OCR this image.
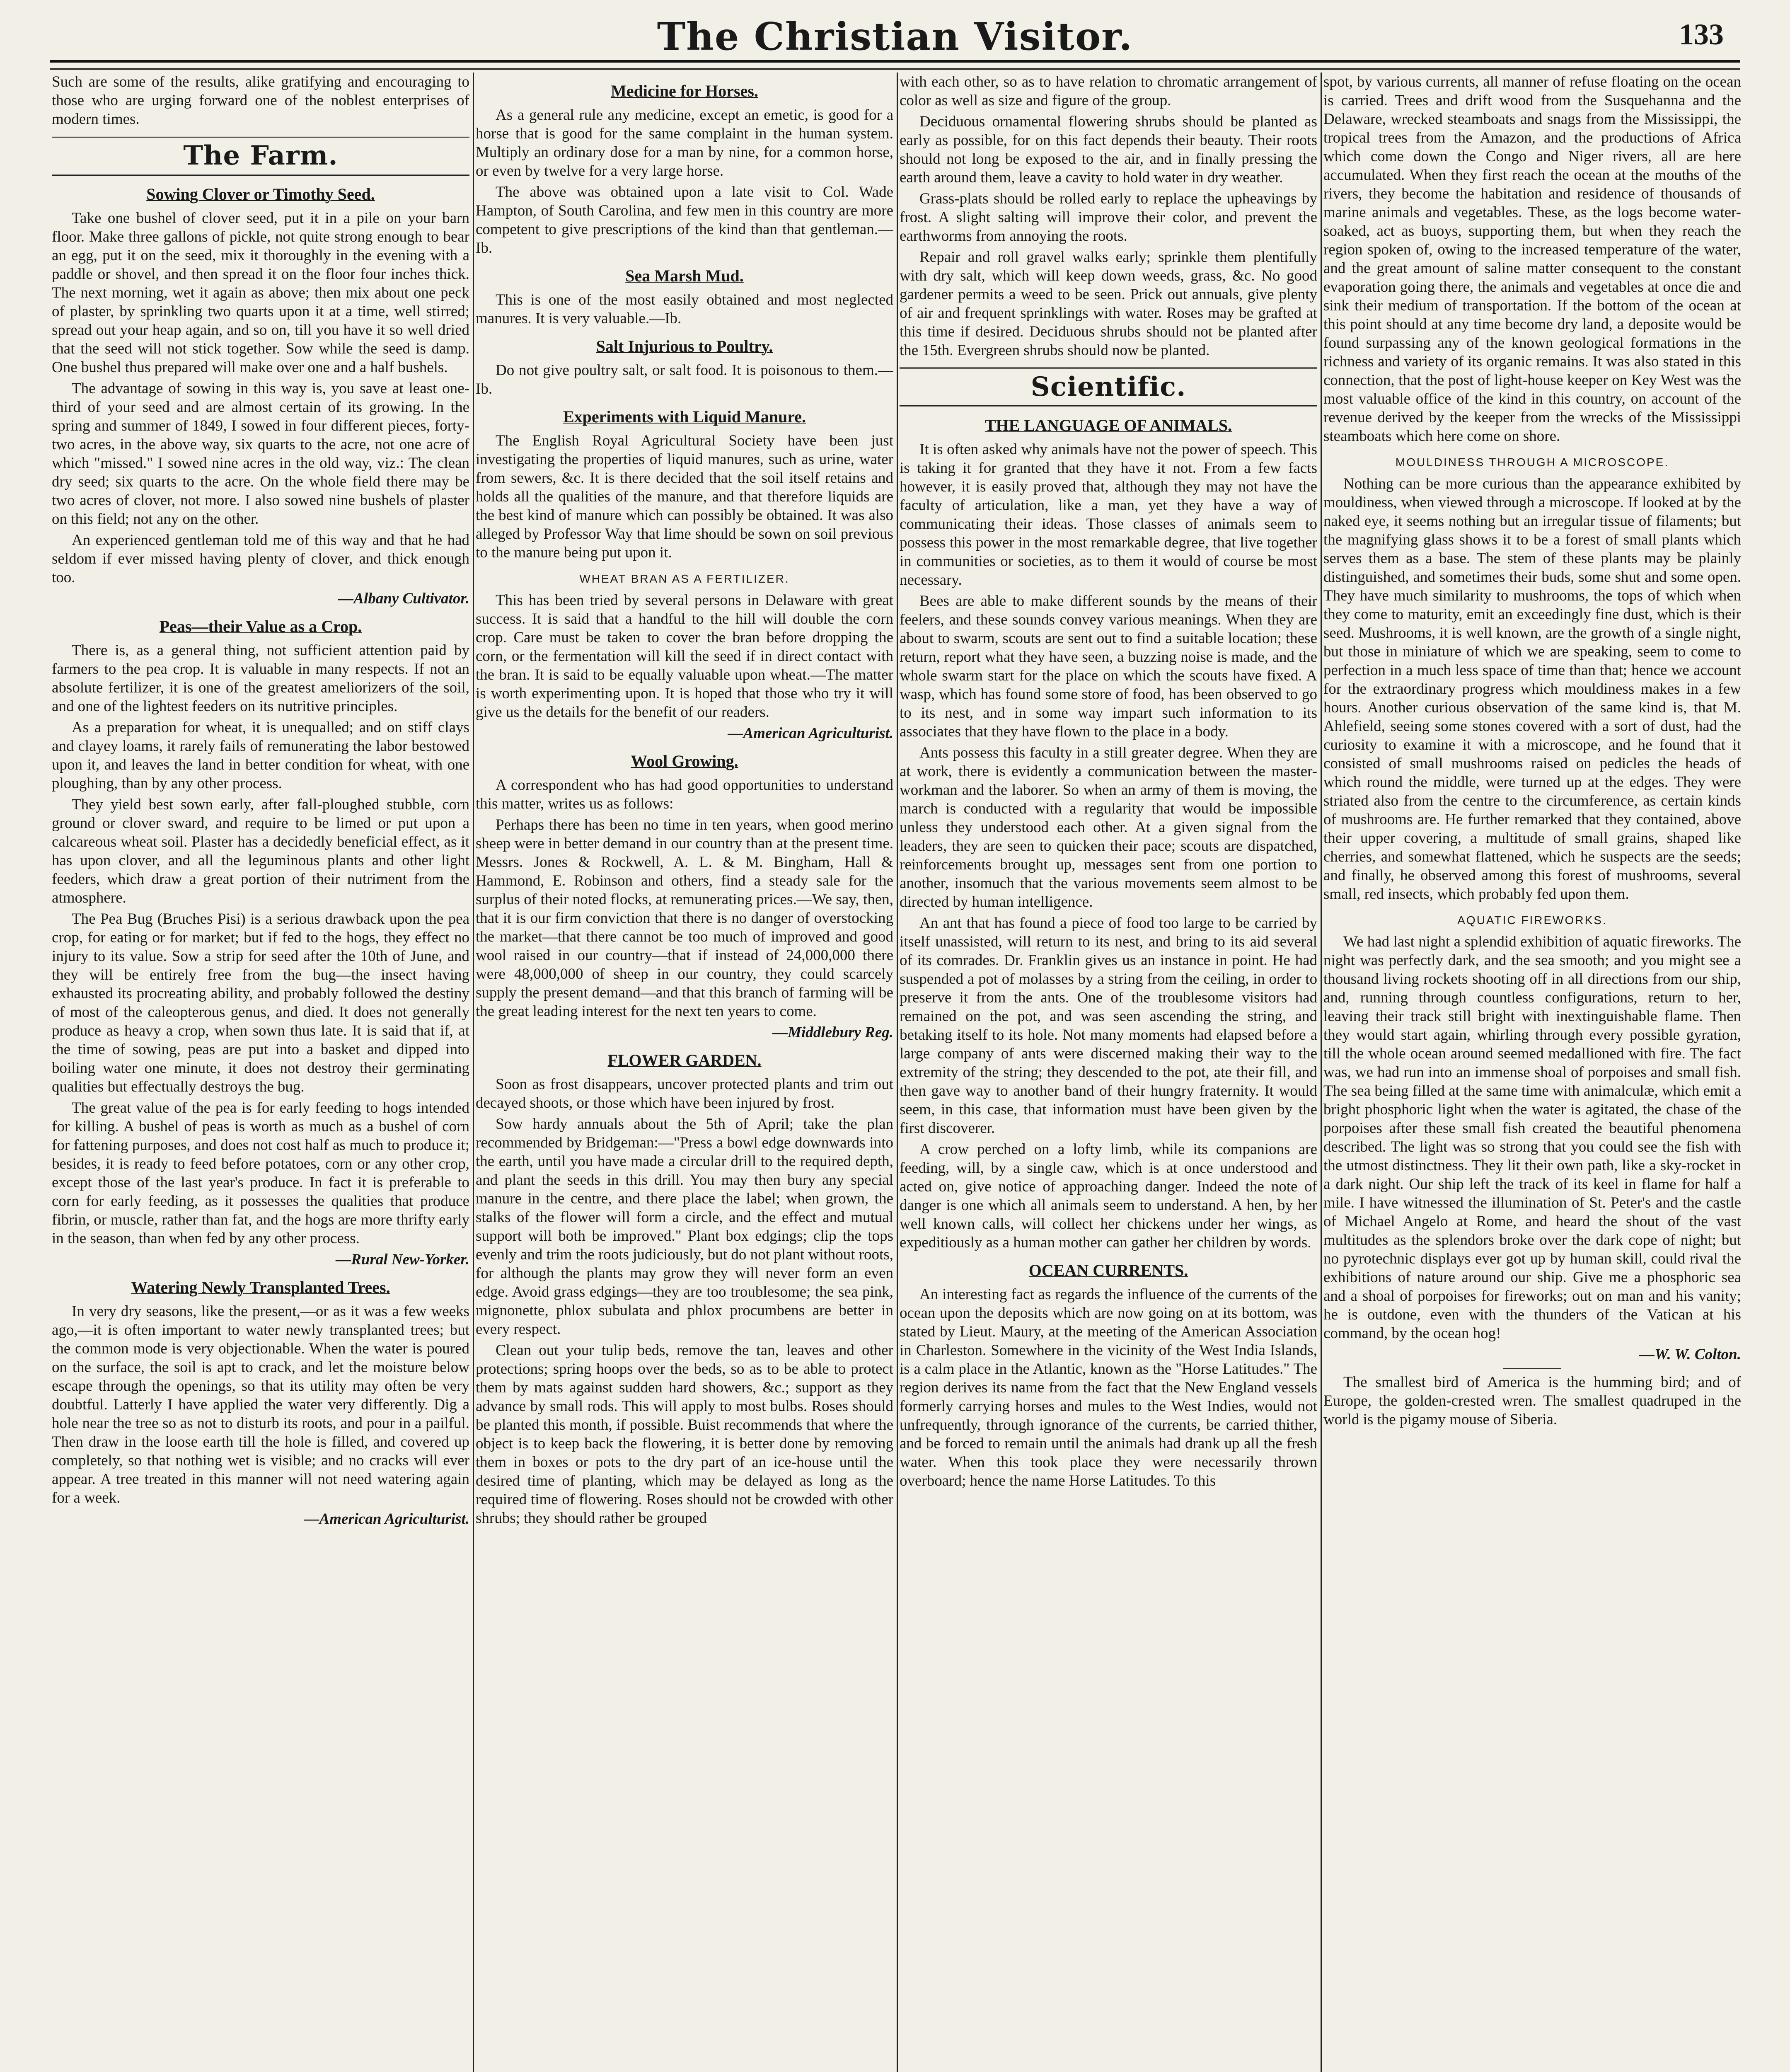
The Christian Visitor.	133

Such are some of the results, alike gratifying and encouraging to those who are urging forward one of the noblest enterprises of modern times.

The Farm.
Sowing Clover or Timothy Seed.

Take one bushel of clover seed, put it in a pile on your barn floor. Make three gallons of pickle, not quite strong enough to bear an egg, put it on the seed, mix it thoroughly in the evening with a paddle or shovel, and then spread it on the floor four inches thick. The next morning, wet it again as above; then mix about one peck of plaster, by sprinkling two quarts upon it at a time, well stirred; spread out your heap again, and so on, till you have it so well dried that the seed will not stick together. Sow while the seed is damp. One bushel thus prepared will make over one and a half bushels.

The advantage of sowing in this way is, you save at least one-third of your seed and are almost certain of its growing. In the spring and summer of 1849, I sowed in four different pieces, forty-two acres, in the above way, six quarts to the acre, not one acre of which "missed." I sowed nine acres in the old way, viz.: The clean dry seed; six quarts to the acre. On the whole field there may be two acres of clover, not more. I also sowed nine bushels of plaster on this field; not any on the other.

An experienced gentleman told me of this way and that he had seldom if ever missed having plenty of clover, and thick enough too.

—Albany Cultivator.

Peas—their Value as a Crop.

There is, as a general thing, not sufficient attention paid by farmers to the pea crop. It is valuable in many respects. If not an absolute fertilizer, it is one of the greatest ameliorizers of the soil, and one of the lightest feeders on its nutritive principles.

As a preparation for wheat, it is unequalled; and on stiff clays and clayey loams, it rarely fails of remunerating the labor bestowed upon it, and leaves the land in better condition for wheat, with one ploughing, than by any other process.

They yield best sown early, after fall-ploughed stubble, corn ground or clover sward, and require to be limed or put upon a calcareous wheat soil. Plaster has a decidedly beneficial effect, as it has upon clover, and all the leguminous plants and other light feeders, which draw a great portion of their nutriment from the atmosphere.

The Pea Bug (Bruches Pisi) is a serious drawback upon the pea crop, for eating or for market; but if fed to the hogs, they effect no injury to its value. Sow a strip for seed after the 10th of June, and they will be entirely free from the bug—the insect having exhausted its procreating ability, and probably followed the destiny of most of the caleopterous genus, and died. It does not generally produce as heavy a crop, when sown thus late. It is said that if, at the time of sowing, peas are put into a basket and dipped into boiling water one minute, it does not destroy their germinating qualities but effectually destroys the bug.

The great value of the pea is for early feeding to hogs intended for killing. A bushel of peas is worth as much as a bushel of corn for fattening purposes, and does not cost half as much to produce it; besides, it is ready to feed before potatoes, corn or any other crop, except those of the last year's produce. In fact it is preferable to corn for early feeding, as it possesses the qualities that produce fibrin, or muscle, rather than fat, and the hogs are more thrifty early in the season, than when fed by any other process.

—Rural New-Yorker.

Watering Newly Transplanted Trees.

In very dry seasons, like the present,—or as it was a few weeks ago,—it is often important to water newly transplanted trees; but the common mode is very objectionable. When the water is poured on the surface, the soil is apt to crack, and let the moisture below escape through the openings, so that its utility may often be very doubtful. Latterly I have applied the water very differently. Dig a hole near the tree so as not to disturb its roots, and pour in a pailful. Then draw in the loose earth till the hole is filled, and covered up completely, so that nothing wet is visible; and no cracks will ever appear. A tree treated in this manner will not need watering again for a week.

—American Agriculturist.

Medicine for Horses.

As a general rule any medicine, except an emetic, is good for a horse that is good for the same complaint in the human system. Multiply an ordinary dose for a man by nine, for a common horse, or even by twelve for a very large horse.

The above was obtained upon a late visit to Col. Wade Hampton, of South Carolina, and few men in this country are more competent to give prescriptions of the kind than that gentleman.—Ib.

Sea Marsh Mud.

This is one of the most easily obtained and most neglected manures. It is very valuable.—Ib.

Salt Injurious to Poultry.

Do not give poultry salt, or salt food. It is poisonous to them.—Ib.

Experiments with Liquid Manure.

The English Royal Agricultural Society have been just investigating the properties of liquid manures, such as urine, water from sewers, &c. It is there decided that the soil itself retains and holds all the qualities of the manure, and that therefore liquids are the best kind of manure which can possibly be obtained. It was also alleged by Professor Way that lime should be sown on soil previous to the manure being put upon it.

WHEAT BRAN AS A FERTILIZER.

This has been tried by several persons in Delaware with great success. It is said that a handful to the hill will double the corn crop. Care must be taken to cover the bran before dropping the corn, or the fermentation will kill the seed if in direct contact with the bran. It is said to be equally valuable upon wheat.—The matter is worth experimenting upon. It is hoped that those who try it will give us the details for the benefit of our readers.

—American Agriculturist.

Wool Growing.

A correspondent who has had good opportunities to understand this matter, writes us as follows:

Perhaps there has been no time in ten years, when good merino sheep were in better demand in our country than at the present time. Messrs. Jones & Rockwell, A. L. & M. Bingham, Hall & Hammond, E. Robinson and others, find a steady sale for the surplus of their noted flocks, at remunerating prices.—We say, then, that it is our firm conviction that there is no danger of overstocking the market—that there cannot be too much of improved and good wool raised in our country—that if instead of 24,000,000 there were 48,000,000 of sheep in our country, they could scarcely supply the present demand—and that this branch of farming will be the great leading interest for the next ten years to come.

—Middlebury Reg.

FLOWER GARDEN.

Soon as frost disappears, uncover protected plants and trim out decayed shoots, or those which have been injured by frost.

Sow hardy annuals about the 5th of April; take the plan recommended by Bridgeman:—"Press a bowl edge downwards into the earth, until you have made a circular drill to the required depth, and plant the seeds in this drill. You may then bury any special manure in the centre, and there place the label; when grown, the stalks of the flower will form a circle, and the effect and mutual support will both be improved." Plant box edgings; clip the tops evenly and trim the roots judiciously, but do not plant without roots, for although the plants may grow they will never form an even edge. Avoid grass edgings—they are too troublesome; the sea pink, mignonette, phlox subulata and phlox procumbens are better in every respect.

Clean out your tulip beds, remove the tan, leaves and other protections; spring hoops over the beds, so as to be able to protect them by mats against sudden hard showers, &c.; support as they advance by small rods. This will apply to most bulbs. Roses should be planted this month, if possible. Buist recommends that where the object is to keep back the flowering, it is better done by removing them in boxes or pots to the dry part of an ice-house until the desired time of planting, which may be delayed as long as the required time of flowering. Roses should not be crowded with other shrubs; they should rather be grouped

with each other, so as to have relation to chromatic arrangement of color as well as size and figure of the group.

Deciduous ornamental flowering shrubs should be planted as early as possible, for on this fact depends their beauty. Their roots should not long be exposed to the air, and in finally pressing the earth around them, leave a cavity to hold water in dry weather.

Grass-plats should be rolled early to replace the upheavings by frost. A slight salting will improve their color, and prevent the earthworms from annoying the roots.

Repair and roll gravel walks early; sprinkle them plentifully with dry salt, which will keep down weeds, grass, &c. No good gardener permits a weed to be seen. Prick out annuals, give plenty of air and frequent sprinklings with water. Roses may be grafted at this time if desired. Deciduous shrubs should not be planted after the 15th. Evergreen shrubs should now be planted.

Scientific.
THE LANGUAGE OF ANIMALS.

It is often asked why animals have not the power of speech. This is taking it for granted that they have it not. From a few facts however, it is easily proved that, although they may not have the faculty of articulation, like a man, yet they have a way of communicating their ideas. Those classes of animals seem to possess this power in the most remarkable degree, that live together in communities or societies, as to them it would of course be most necessary.

Bees are able to make different sounds by the means of their feelers, and these sounds convey various meanings. When they are about to swarm, scouts are sent out to find a suitable location; these return, report what they have seen, a buzzing noise is made, and the whole swarm start for the place on which the scouts have fixed. A wasp, which has found some store of food, has been observed to go to its nest, and in some way impart such information to its associates that they have flown to the place in a body.

Ants possess this faculty in a still greater degree. When they are at work, there is evidently a communication between the master-workman and the laborer. So when an army of them is moving, the march is conducted with a regularity that would be impossible unless they understood each other. At a given signal from the leaders, they are seen to quicken their pace; scouts are dispatched, reinforcements brought up, messages sent from one portion to another, insomuch that the various movements seem almost to be directed by human intelligence.

An ant that has found a piece of food too large to be carried by itself unassisted, will return to its nest, and bring to its aid several of its comrades. Dr. Franklin gives us an instance in point. He had suspended a pot of molasses by a string from the ceiling, in order to preserve it from the ants. One of the troublesome visitors had remained on the pot, and was seen ascending the string, and betaking itself to its hole. Not many moments had elapsed before a large company of ants were discerned making their way to the extremity of the string; they descended to the pot, ate their fill, and then gave way to another band of their hungry fraternity. It would seem, in this case, that information must have been given by the first discoverer.

A crow perched on a lofty limb, while its companions are feeding, will, by a single caw, which is at once understood and acted on, give notice of approaching danger. Indeed the note of danger is one which all animals seem to understand. A hen, by her well known calls, will collect her chickens under her wings, as expeditiously as a human mother can gather her children by words.

OCEAN CURRENTS.

An interesting fact as regards the influence of the currents of the ocean upon the deposits which are now going on at its bottom, was stated by Lieut. Maury, at the meeting of the American Association in Charleston. Somewhere in the vicinity of the West India Islands, is a calm place in the Atlantic, known as the "Horse Latitudes." The region derives its name from the fact that the New England vessels formerly carrying horses and mules to the West Indies, would not unfrequently, through ignorance of the currents, be carried thither, and be forced to remain until the animals had drank up all the fresh water. When this took place they were necessarily thrown overboard; hence the name Horse Latitudes. To this

spot, by various currents, all manner of refuse floating on the ocean is carried. Trees and drift wood from the Susquehanna and the Delaware, wrecked steamboats and snags from the Mississippi, the tropical trees from the Amazon, and the productions of Africa which come down the Congo and Niger rivers, all are here accumulated. When they first reach the ocean at the mouths of the rivers, they become the habitation and residence of thousands of marine animals and vegetables. These, as the logs become water-soaked, act as buoys, supporting them, but when they reach the region spoken of, owing to the increased temperature of the water, and the great amount of saline matter consequent to the constant evaporation going there, the animals and vegetables at once die and sink their medium of transportation. If the bottom of the ocean at this point should at any time become dry land, a deposite would be found surpassing any of the known geological formations in the richness and variety of its organic remains. It was also stated in this connection, that the post of light-house keeper on Key West was the most valuable office of the kind in this country, on account of the revenue derived by the keeper from the wrecks of the Mississippi steamboats which here come on shore.

MOULDINESS THROUGH A MICROSCOPE.

Nothing can be more curious than the appearance exhibited by mouldiness, when viewed through a microscope. If looked at by the naked eye, it seems nothing but an irregular tissue of filaments; but the magnifying glass shows it to be a forest of small plants which serves them as a base. The stem of these plants may be plainly distinguished, and sometimes their buds, some shut and some open. They have much similarity to mushrooms, the tops of which when they come to maturity, emit an exceedingly fine dust, which is their seed. Mushrooms, it is well known, are the growth of a single night, but those in miniature of which we are speaking, seem to come to perfection in a much less space of time than that; hence we account for the extraordinary progress which mouldiness makes in a few hours. Another curious observation of the same kind is, that M. Ahlefield, seeing some stones covered with a sort of dust, had the curiosity to examine it with a microscope, and he found that it consisted of small mushrooms raised on pedicles the heads of which round the middle, were turned up at the edges. They were striated also from the centre to the circumference, as certain kinds of mushrooms are. He further remarked that they contained, above their upper covering, a multitude of small grains, shaped like cherries, and somewhat flattened, which he suspects are the seeds; and finally, he observed among this forest of mushrooms, several small, red insects, which probably fed upon them.

AQUATIC FIREWORKS.

We had last night a splendid exhibition of aquatic fireworks. The night was perfectly dark, and the sea smooth; and you might see a thousand living rockets shooting off in all directions from our ship, and, running through countless configurations, return to her, leaving their track still bright with inextinguishable flame. Then they would start again, whirling through every possible gyration, till the whole ocean around seemed medallioned with fire. The fact was, we had run into an immense shoal of porpoises and small fish. The sea being filled at the same time with animalculæ, which emit a bright phosphoric light when the water is agitated, the chase of the porpoises after these small fish created the beautiful phenomena described. The light was so strong that you could see the fish with the utmost distinctness. They lit their own path, like a sky-rocket in a dark night. Our ship left the track of its keel in flame for half a mile. I have witnessed the illumination of St. Peter's and the castle of Michael Angelo at Rome, and heard the shout of the vast multitudes as the splendors broke over the dark cope of night; but no pyrotechnic displays ever got up by human skill, could rival the exhibitions of nature around our ship. Give me a phosphoric sea and a shoal of porpoises for fireworks; out on man and his vanity; he is outdone, even with the thunders of the Vatican at his command, by the ocean hog!

—W. W. Colton.

The smallest bird of America is the humming bird; and of Europe, the golden-crested wren. The smallest quadruped in the world is the pigamy mouse of Siberia.
